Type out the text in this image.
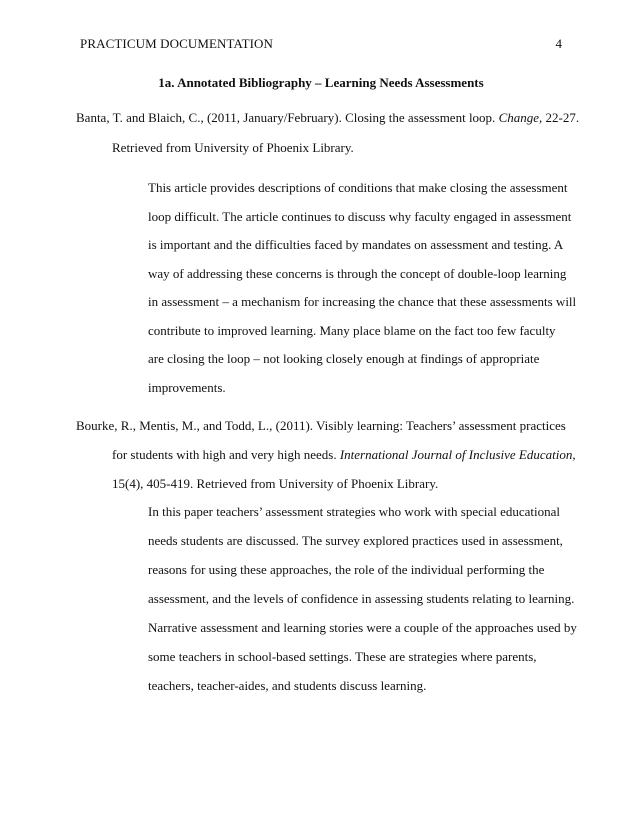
PRACTICUM DOCUMENTATION	4
1a. Annotated Bibliography – Learning Needs Assessments
Banta, T. and Blaich, C., (2011, January/February). Closing the assessment loop. Change, 22-27.
Retrieved from University of Phoenix Library.
This article provides descriptions of conditions that make closing the assessment
loop difficult. The article continues to discuss why faculty engaged in assessment
is important and the difficulties faced by mandates on assessment and testing. A
way of addressing these concerns is through the concept of double-loop learning
in assessment – a mechanism for increasing the chance that these assessments will
contribute to improved learning. Many place blame on the fact too few faculty
are closing the loop – not looking closely enough at findings of appropriate
improvements.
Bourke, R., Mentis, M., and Todd, L., (2011). Visibly learning: Teachers’ assessment practices
for students with high and very high needs. International Journal of Inclusive Education,
15(4), 405-419. Retrieved from University of Phoenix Library.
In this paper teachers’ assessment strategies who work with special educational
needs students are discussed. The survey explored practices used in assessment,
reasons for using these approaches, the role of the individual performing the
assessment, and the levels of confidence in assessing students relating to learning.
Narrative assessment and learning stories were a couple of the approaches used by
some teachers in school-based settings. These are strategies where parents,
teachers, teacher-aides, and students discuss learning.
